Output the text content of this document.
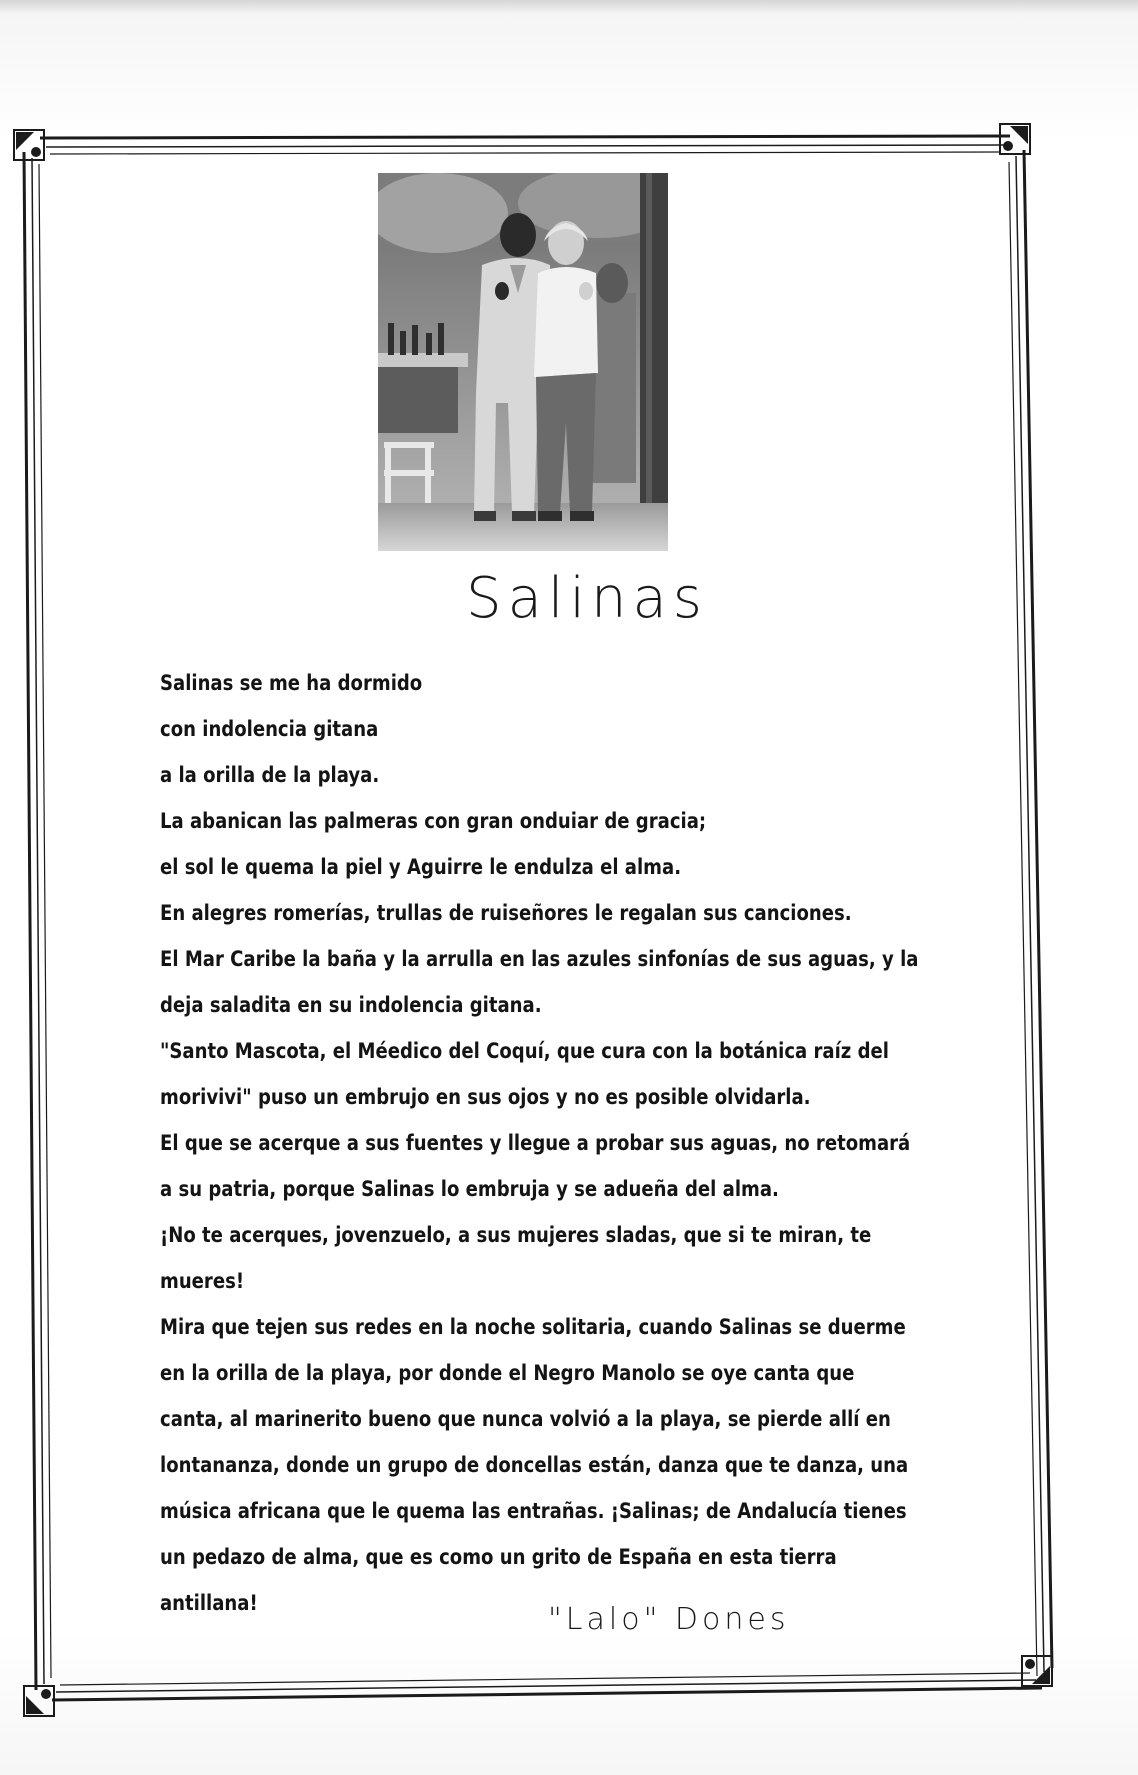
Salinas
Salinas se me ha dormido
con indolencia gitana
a la orilla de la playa.
La abanican las palmeras con gran onduiar de gracia;
el sol le quema la piel y Aguirre le endulza el alma.
En alegres romerías, trullas de ruiseñores le regalan sus canciones.
El Mar Caribe la baña y la arrulla en las azules sinfonías de sus aguas, y la
deja saladita en su indolencia gitana.
"Santo Mascota, el Méedico del Coquí, que cura con la botánica raíz del
morivivi" puso un embrujo en sus ojos y no es posible olvidarla.
El que se acerque a sus fuentes y llegue a probar sus aguas, no retomará
a su patria, porque Salinas lo embruja y se adueña del alma.
¡No te acerques, jovenzuelo, a sus mujeres sladas, que si te miran, te
mueres!
Mira que tejen sus redes en la noche solitaria, cuando Salinas se duerme
en la orilla de la playa, por donde el Negro Manolo se oye canta que
canta, al marinerito bueno que nunca volvió a la playa, se pierde allí en
lontananza, donde un grupo de doncellas están, danza que te danza, una
música africana que le quema las entrañas. ¡Salinas; de Andalucía tienes
un pedazo de alma, que es como un grito de España en esta tierra
antillana!	"Lalo" Dones
